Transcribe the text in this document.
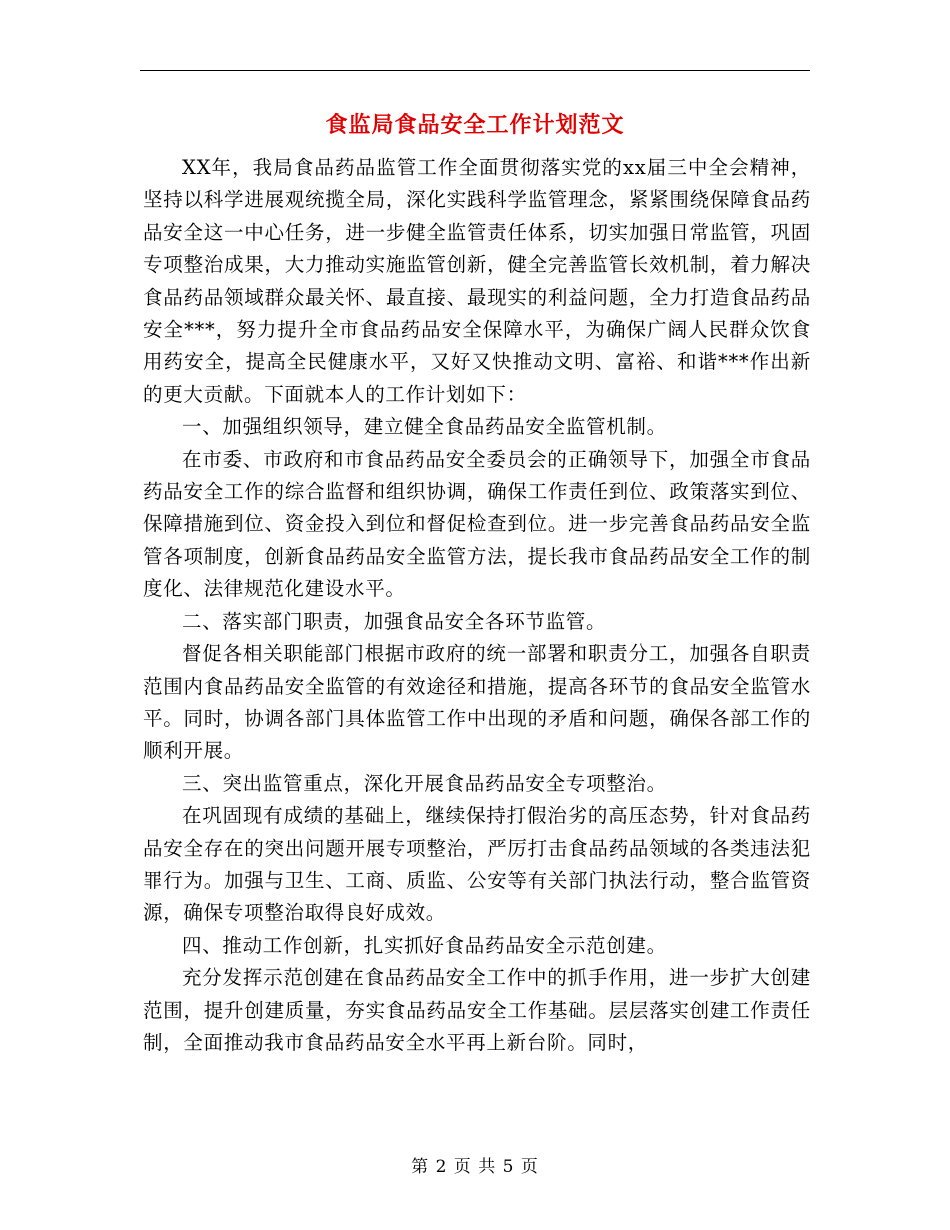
食监局食品安全工作计划范文

XX年，我局食品药品监管工作全面贯彻落实党的xx届三中全会精神，坚持以科学进展观统揽全局，深化实践科学监管理念，紧紧围绕保障食品药品安全这一中心任务，进一步健全监管责任体系，切实加强日常监管，巩固专项整治成果，大力推动实施监管创新，健全完善监管长效机制，着力解决食品药品领域群众最关怀、最直接、最现实的利益问题，全力打造食品药品安全***，努力提升全市食品药品安全保障水平，为确保广阔人民群众饮食用药安全，提高全民健康水平，又好又快推动文明、富裕、和谐***作出新的更大贡献。下面就本人的工作计划如下：

一、加强组织领导，建立健全食品药品安全监管机制。

在市委、市政府和市食品药品安全委员会的正确领导下，加强全市食品药品安全工作的综合监督和组织协调，确保工作责任到位、政策落实到位、保障措施到位、资金投入到位和督促检查到位。进一步完善食品药品安全监管各项制度，创新食品药品安全监管方法，提长我市食品药品安全工作的制度化、法律规范化建设水平。

二、落实部门职责，加强食品安全各环节监管。

督促各相关职能部门根据市政府的统一部署和职责分工，加强各自职责范围内食品药品安全监管的有效途径和措施，提高各环节的食品安全监管水平。同时，协调各部门具体监管工作中出现的矛盾和问题，确保各部工作的顺利开展。

三、突出监管重点，深化开展食品药品安全专项整治。

在巩固现有成绩的基础上，继续保持打假治劣的高压态势，针对食品药品安全存在的突出问题开展专项整治，严厉打击食品药品领域的各类违法犯罪行为。加强与卫生、工商、质监、公安等有关部门执法行动，整合监管资源，确保专项整治取得良好成效。

四、推动工作创新，扎实抓好食品药品安全示范创建。

充分发挥示范创建在食品药品安全工作中的抓手作用，进一步扩大创建范围，提升创建质量，夯实食品药品安全工作基础。层层落实创建工作责任制，全面推动我市食品药品安全水平再上新台阶。同时，

第 2 页 共 5 页
